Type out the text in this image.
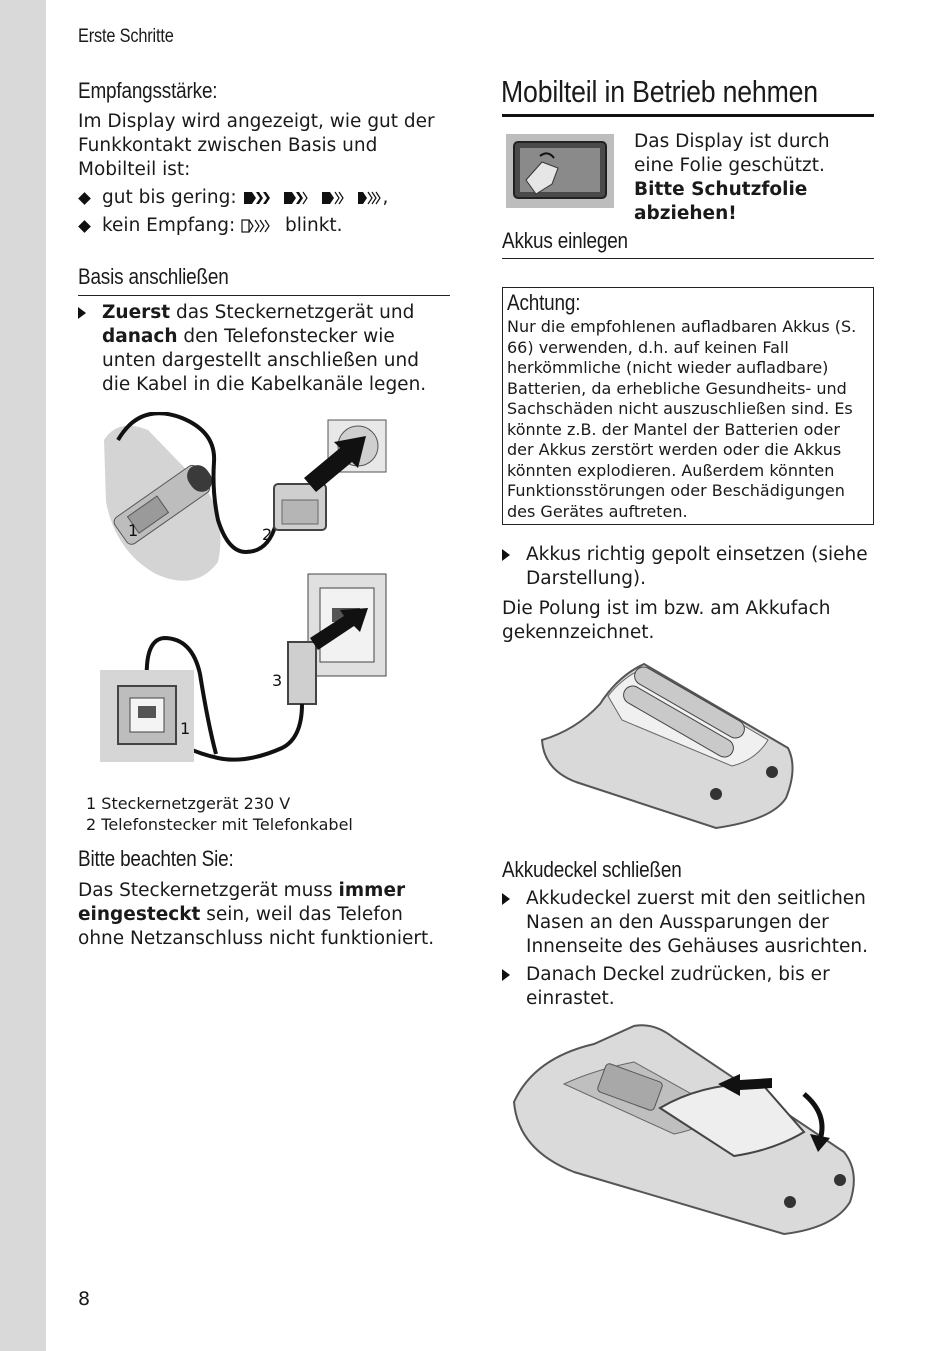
Erste Schritte
Empfangsstärke:
Im Display wird angezeigt, wie gut der Funkkontakt zwischen Basis und Mobilteil ist:
gut bis gering:	,
kein Empfang:	blinkt.
Basis anschließen
Zuerst das Steckernetzgerät und danach den Telefonstecker wie unten dargestellt anschließen und die Kabel in die Kabelkanäle legen.
1	2
3
1
1 Steckernetzgerät 230 V
2 Telefonstecker mit Telefonkabel
Bitte beachten Sie:
Das Steckernetzgerät muss immer eingesteckt sein, weil das Telefon ohne Netzanschluss nicht funktioniert.
Mobilteil in Betrieb nehmen
Das Display ist durch eine Folie geschützt. Bitte Schutzfolie abziehen!
Akkus einlegen
Achtung:
Nur die empfohlenen aufladbaren Akkus (S. 66) verwenden, d.h. auf keinen Fall herkömmliche (nicht wieder aufladbare) Batterien, da erhebliche Gesundheits- und Sachschäden nicht auszuschließen sind. Es könnte z.B. der Mantel der Batterien oder der Akkus zerstört werden oder die Akkus könnten explodieren. Außerdem könnten Funktionsstörungen oder Beschädigungen des Gerätes auftreten.
Akkus richtig gepolt einsetzen (siehe Darstellung).
Die Polung ist im bzw. am Akkufach gekennzeichnet.
Akkudeckel schließen
Akkudeckel zuerst mit den seitlichen Nasen an den Aussparungen der Innenseite des Gehäuses ausrichten.
Danach Deckel zudrücken, bis er einrastet.
8
